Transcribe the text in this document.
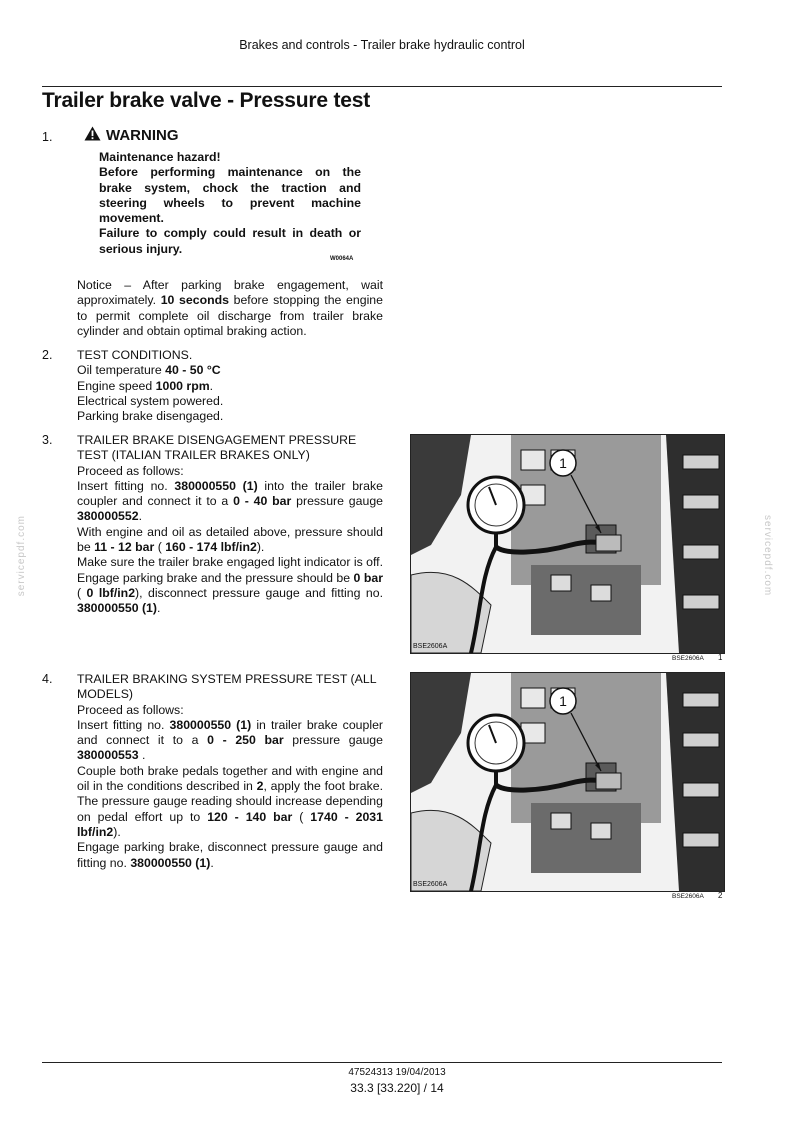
Brakes and controls - Trailer brake hydraulic control
Trailer brake valve - Pressure test
1.	WARNING

Maintenance hazard!

Before performing maintenance on the brake system, chock the traction and steering wheels to prevent machine movement.

Failure to comply could result in death or serious injury.

W0064A
Notice – After parking brake engagement, wait approximately. 10 seconds before stopping the engine to permit complete oil discharge from trailer brake cylinder and obtain optimal braking action.
2. TEST CONDITIONS.

Oil temperature 40 - 50 °C

Engine speed 1000 rpm.

Electrical system powered.

Parking brake disengaged.

3. TRAILER BRAKE DISENGAGEMENT PRESSURE TEST (ITALIAN TRAILER BRAKES ONLY)

Proceed as follows:

Insert fitting no. 380000550 (1) into the trailer brake coupler and connect it to a 0 - 40 bar pressure gauge 380000552.

With engine and oil as detailed above, pressure should be 11 - 12 bar ( 160 - 174 lbf/in2).

Make sure the trailer brake engaged light indicator is off.

Engage parking brake and the pressure should be 0 bar ( 0 lbf/in2), disconnect pressure gauge and fitting no. 380000550 (1).

1
BSE2606A
BSE2606A 1
4. TRAILER BRAKING SYSTEM PRESSURE TEST (ALL MODELS)

Proceed as follows:

Insert fitting no. 380000550 (1) in trailer brake coupler and connect it to a 0 - 250 bar pressure gauge 380000553 .

Couple both brake pedals together and with engine and oil in the conditions described in 2, apply the foot brake. The pressure gauge reading should increase depending on pedal effort up to 120 - 140 bar ( 1740 - 2031 lbf/in2).

Engage parking brake, disconnect pressure gauge and fitting no. 380000550 (1).

1
BSE2606A
BSE2606A 2
servicepdf.com	servicepdf.com
47524313 19/04/2013
33.3 [33.220] / 14
